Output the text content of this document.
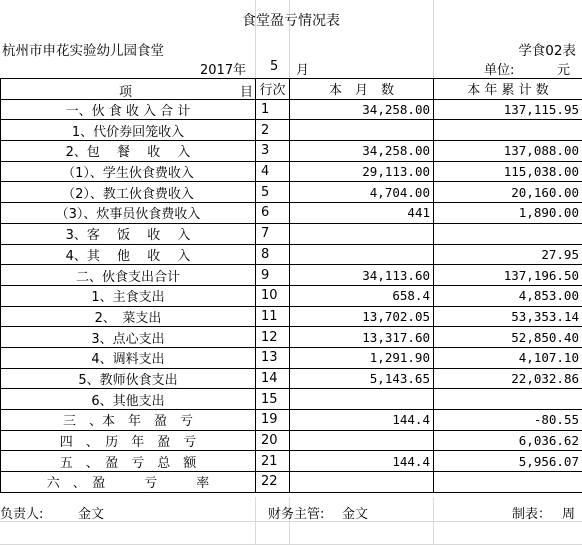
食堂盈亏情况表
杭州市申花实验幼儿园食堂	学食02表
2017年 5 月	单位:	元
项 目	行次	本　月　数	本 年 累 计 数
一、伙 食 收 入 合 计	1	34,258.00	137,115.95
1、代价券回笼收入	2		
2、包　 餐　 收　 入	3	34,258.00	137,088.00
（1）、学生伙食费收入	4	29,113.00	115,038.00
（2）、教工伙食费收入	5	4,704.00	20,160.00
（3）、炊事员伙食费收入	6	441	1,890.00
3、客　 饭　 收　 入	7		
4、其　 他　 收　 入	8		27.95
二、伙食支出合计	9	34,113.60	137,196.50
1、主食支出	10	658.4	4,853.00
2、　菜支出	11	13,702.05	53,353.14
3、点心支出	12	13,317.60	52,850.40
4、调料支出	13	1,291.90	4,107.10
5、教师伙食支出	14	5,143.65	22,032.86
6、其他支出	15		
三　、本　年　盈　亏	19	144.4	-80.55
四　、　历　年　盈　亏	20		6,036.62
五　、　盈　亏　总　额	21	144.4	5,956.07
六　、　盈　　　亏　　　率	22		
负责人:	金文	财务主管: 金文	制表： 周
